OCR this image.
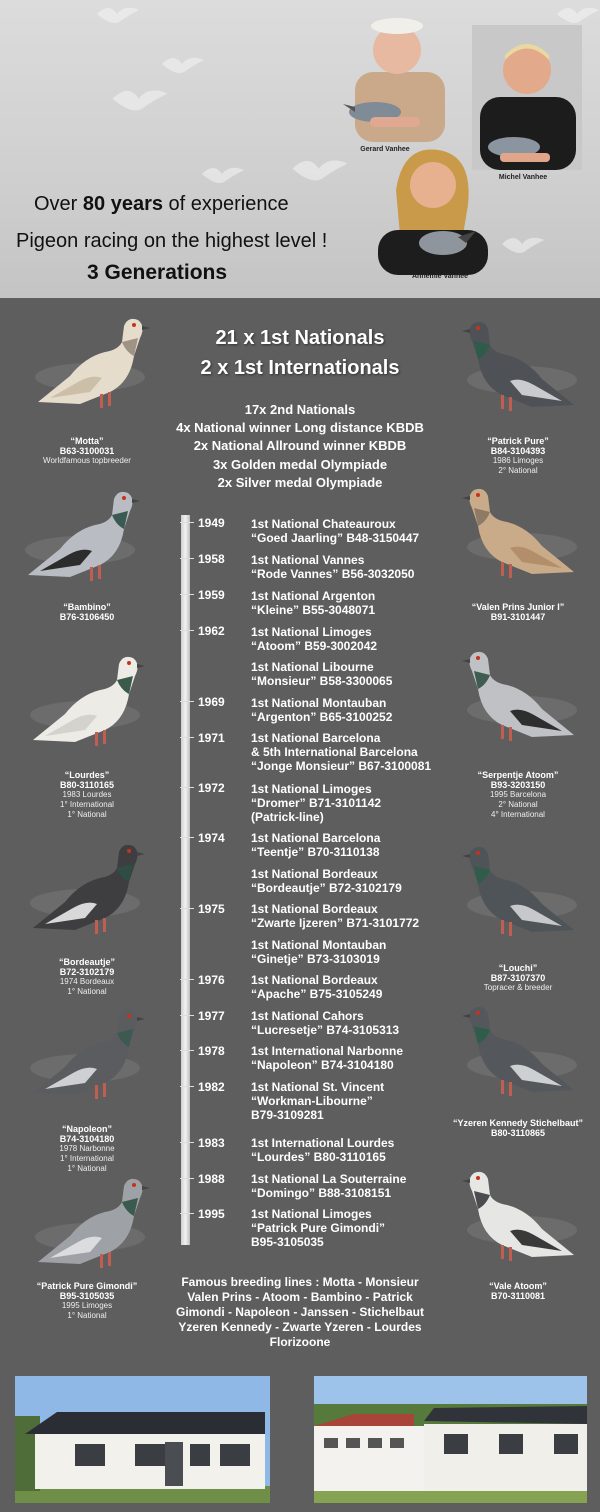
Over 80 years of experience
Pigeon racing on the highest level !
3 Generations
Gerard Vanhee
Michel Vanhee
Annemie Vanhee
21 x 1st Nationals
2 x 1st Internationals
17x 2nd Nationals
4x National winner Long distance KBDB
2x National Allround winner KBDB
3x Golden medal Olympiade
2x Silver medal Olympiade
“Motta”
B63-3100031
Worldfamous topbreeder
“Bambino”
B76-3106450
“Lourdes”
B80-3110165
1983 Lourdes
1° International
1° National
“Bordeautje”
B72-3102179
1974 Bordeaux
1° National
“Napoleon”
B74-3104180
1978 Narbonne
1° International
1° National
“Patrick Pure Gimondi”
B95-3105035
1995 Limoges
1° National
“Patrick Pure”
B84-3104393
1986 Limoges
2° National
“Valen Prins Junior I”
B91-3101447
“Serpentje Atoom”
B93-3203150
1995 Barcelona
2° National
4° International
“Louchi”
B87-3107370
Topracer & breeder
“Yzeren Kennedy Stichelbaut”
B80-3110865
“Vale Atoom”
B70-3110081
1949	1st National Chateauroux
“Goed Jaarling” B48-3150447
1958	1st National Vannes
“Rode Vannes” B56-3032050
1959	1st National Argenton
“Kleine” B55-3048071
1962	1st National Limoges
“Atoom” B59-3002042
1st National Libourne
“Monsieur” B58-3300065
1969	1st National Montauban
“Argenton” B65-3100252
1971	1st National Barcelona
& 5th International Barcelona
“Jonge Monsieur” B67-3100081
1972	1st National Limoges
“Dromer” B71-3101142
(Patrick-line)
1974	1st National Barcelona
“Teentje” B70-3110138
1st National Bordeaux
“Bordeautje” B72-3102179
1975	1st National Bordeaux
“Zwarte Ijzeren” B71-3101772
1st National Montauban
“Ginetje” B73-3103019
1976	1st National Bordeaux
“Apache” B75-3105249
1977	1st National Cahors
“Lucresetje” B74-3105313
1978	1st International Narbonne
“Napoleon” B74-3104180
1982	1st National St. Vincent
“Workman-Libourne”
B79-3109281
1983	1st International Lourdes
“Lourdes” B80-3110165
1988	1st National La Souterraine
“Domingo” B88-3108151
1995	1st National Limoges
“Patrick Pure Gimondi”
B95-3105035
Famous breeding lines : Motta - Monsieur
Valen Prins - Atoom - Bambino - Patrick
Gimondi - Napoleon - Janssen - Stichelbaut
Yzeren Kennedy - Zwarte Yzeren - Lourdes
Florizoone
